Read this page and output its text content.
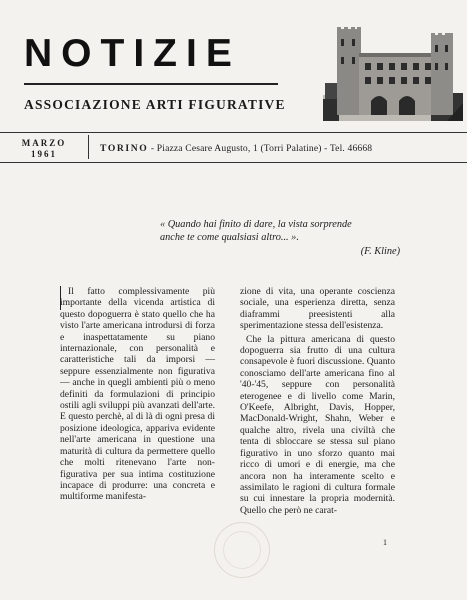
NOTIZIE
ASSOCIAZIONE ARTI FIGURATIVE
MARZO
1961	TORINO - Piazza Cesare Augusto, 1 (Torri Palatine) - Tel. 46668

« Quando hai finito di dare, la vista sorprende

anche te come qualsiasi altro... ».

(F. Kline)

Il fatto complessivamente più importante della vicenda artistica di questo dopoguerra è stato quello che ha visto l'arte americana introdursi di forza e inaspettatamente su piano internazionale, con personalità e caratteristiche tali da imporsi — seppure essenzialmente non figurativa — anche in quegli ambienti più o meno definiti da formulazioni di principio ostili agli sviluppi più avanzati dell'arte. E questo perchè, al di là di ogni presa di posizione ideologica, appariva evidente nell'arte americana in questione una maturità di cultura da permettere quello che molti ritenevano l'arte non-figurativa per sua intima costituzione incapace di produrre: una concreta e multiforme manifesta-

zione di vita, una operante coscienza sociale, una esperienza diretta, senza diaframmi preesistenti alla sperimentazione stessa dell'esistenza.

Che la pittura americana di questo dopoguerra sia frutto di una cultura consapevole è fuori discussione. Quanto conosciamo dell'arte americana fino al '40-'45, seppure con personalità eterogenee e di livello come Marin, O'Keefe, Albright, Davis, Hopper, MacDonald-Wright, Shahn, Weber e qualche altro, rivela una civiltà che tenta di sbloccare se stessa sul piano figurativo in uno sforzo quanto mai ricco di umori e di energie, ma che ancora non ha interamente scelto e assimilato le ragioni di cultura formale su cui innestare la propria modernità. Quello che però ne carat-

1
